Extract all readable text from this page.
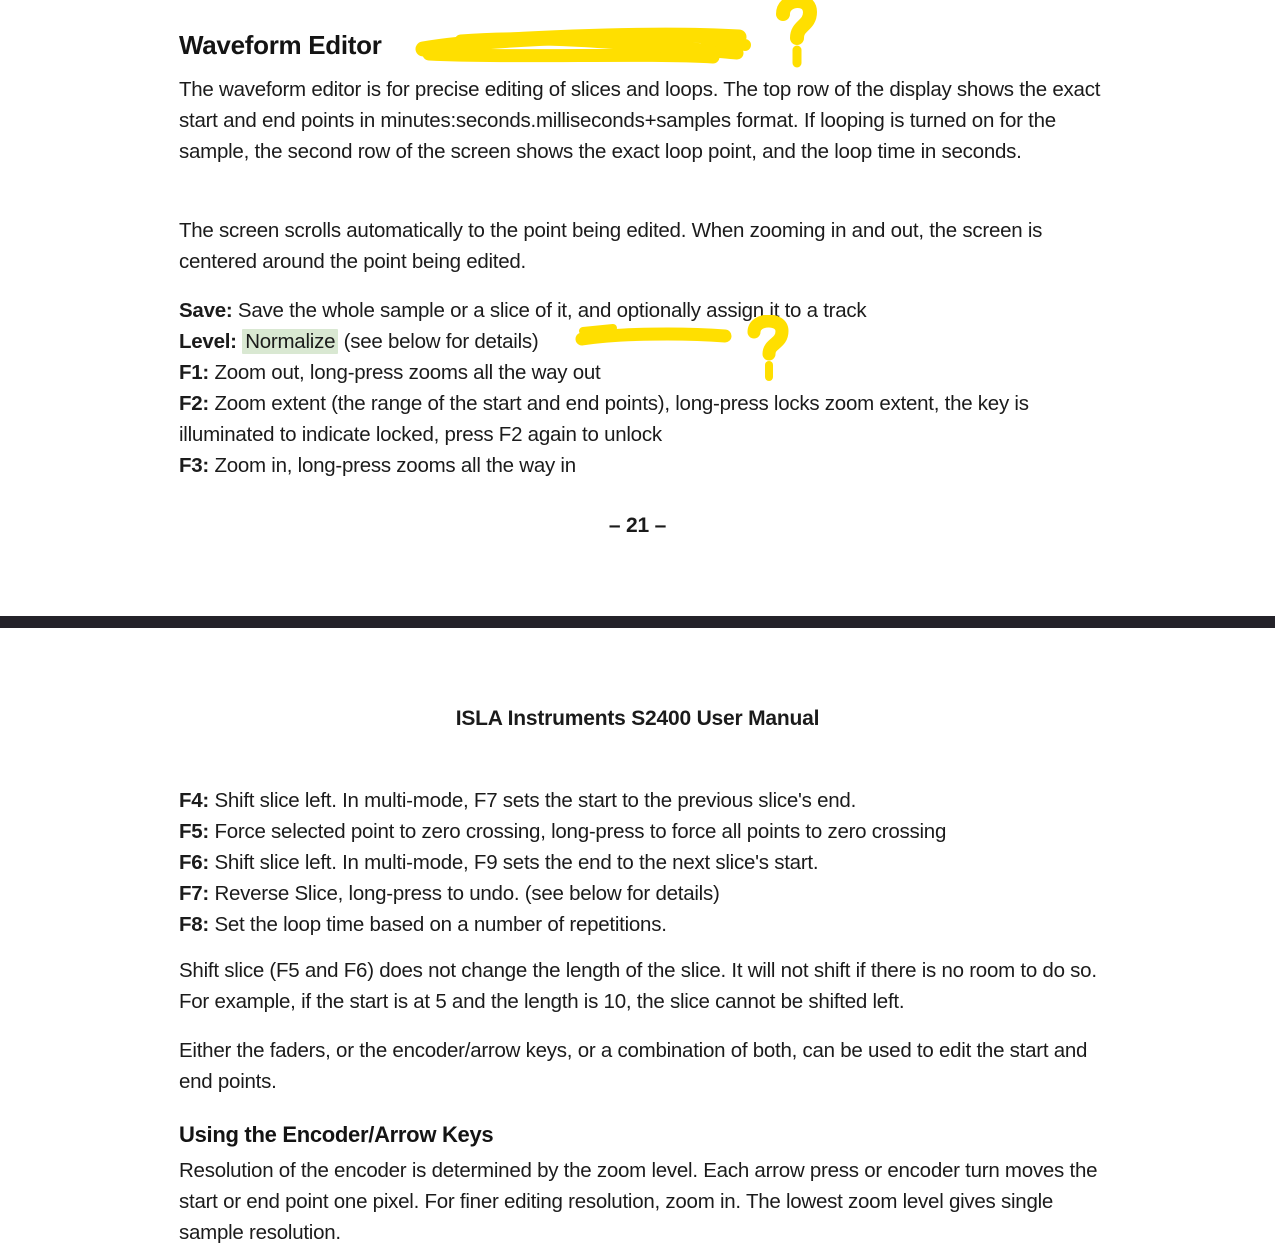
Waveform Editor
The waveform editor is for precise editing of slices and loops. The top row of the display shows the exact start and end points in minutes:seconds.milliseconds+samples format. If looping is turned on for the sample, the second row of the screen shows the exact loop point, and the loop time in seconds.
The screen scrolls automatically to the point being edited. When zooming in and out, the screen is centered around the point being edited.
Save: Save the whole sample or a slice of it, and optionally assign it to a track
Level: Normalize (see below for details)
F1: Zoom out, long-press zooms all the way out
F2: Zoom extent (the range of the start and end points), long-press locks zoom extent, the key is illuminated to indicate locked, press F2 again to unlock
F3: Zoom in, long-press zooms all the way in
– 21 –
ISLA Instruments S2400 User Manual
F4: Shift slice left. In multi-mode, F7 sets the start to the previous slice's end.
F5: Force selected point to zero crossing, long-press to force all points to zero crossing
F6: Shift slice left. In multi-mode, F9 sets the end to the next slice's start.
F7: Reverse Slice, long-press to undo. (see below for details)
F8: Set the loop time based on a number of repetitions.
Shift slice (F5 and F6) does not change the length of the slice. It will not shift if there is no room to do so. For example, if the start is at 5 and the length is 10, the slice cannot be shifted left.
Either the faders, or the encoder/arrow keys, or a combination of both, can be used to edit the start and end points.
Using the Encoder/Arrow Keys
Resolution of the encoder is determined by the zoom level. Each arrow press or encoder turn moves the start or end point one pixel. For finer editing resolution, zoom in. The lowest zoom level gives single sample resolution.
